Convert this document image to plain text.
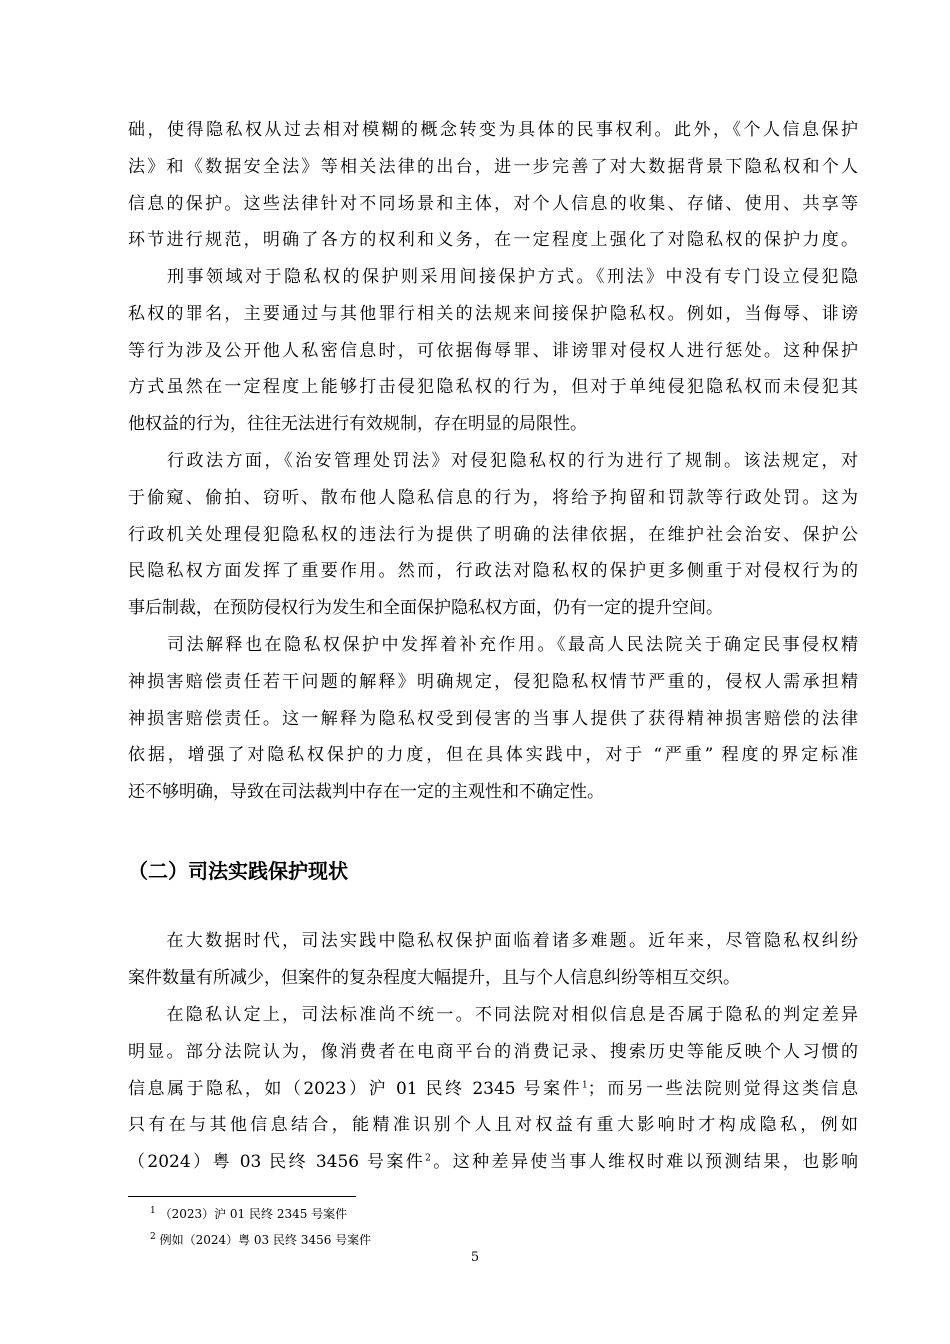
础，使得隐私权从过去相对模糊的概念转变为具体的民事权利。此外，《个人信息保护
法》和《数据安全法》等相关法律的出台，进一步完善了对大数据背景下隐私权和个人
信息的保护。这些法律针对不同场景和主体，对个人信息的收集、存储、使用、共享等
环节进行规范，明确了各方的权利和义务，在一定程度上强化了对隐私权的保护力度。
　　刑事领域对于隐私权的保护则采用间接保护方式。《刑法》中没有专门设立侵犯隐
私权的罪名，主要通过与其他罪行相关的法规来间接保护隐私权。例如，当侮辱、诽谤
等行为涉及公开他人私密信息时，可依据侮辱罪、诽谤罪对侵权人进行惩处。这种保护
方式虽然在一定程度上能够打击侵犯隐私权的行为，但对于单纯侵犯隐私权而未侵犯其
他权益的行为，往往无法进行有效规制，存在明显的局限性。
　　行政法方面，《治安管理处罚法》对侵犯隐私权的行为进行了规制。该法规定，对
于偷窥、偷拍、窃听、散布他人隐私信息的行为，将给予拘留和罚款等行政处罚。这为
行政机关处理侵犯隐私权的违法行为提供了明确的法律依据，在维护社会治安、保护公
民隐私权方面发挥了重要作用。然而，行政法对隐私权的保护更多侧重于对侵权行为的
事后制裁，在预防侵权行为发生和全面保护隐私权方面，仍有一定的提升空间。
　　司法解释也在隐私权保护中发挥着补充作用。《最高人民法院关于确定民事侵权精
神损害赔偿责任若干问题的解释》明确规定，侵犯隐私权情节严重的，侵权人需承担精
神损害赔偿责任。这一解释为隐私权受到侵害的当事人提供了获得精神损害赔偿的法律
依据，增强了对隐私权保护的力度，但在具体实践中，对于 “严重” 程度的界定标准
还不够明确，导致在司法裁判中存在一定的主观性和不确定性。
（二）司法实践保护现状
　　在大数据时代，司法实践中隐私权保护面临着诸多难题。近年来，尽管隐私权纠纷
案件数量有所减少，但案件的复杂程度大幅提升，且与个人信息纠纷等相互交织。
　　在隐私认定上，司法标准尚不统一。不同法院对相似信息是否属于隐私的判定差异
明显。部分法院认为，像消费者在电商平台的消费记录、搜索历史等能反映个人习惯的
信息属于隐私，如（2023）沪 01 民终 2345 号案件$^1$；而另一些法院则觉得这类信息
只有在与其他信息结合，能精准识别个人且对权益有重大影响时才构成隐私，例如
（2024）粤 03 民终 3456 号案件$^2$。这种差异使当事人维权时难以预测结果，也影响
$^1$ （2023）沪 01 民终 2345 号案件
$^2$ 例如（2024）粤 03 民终 3456 号案件
5
